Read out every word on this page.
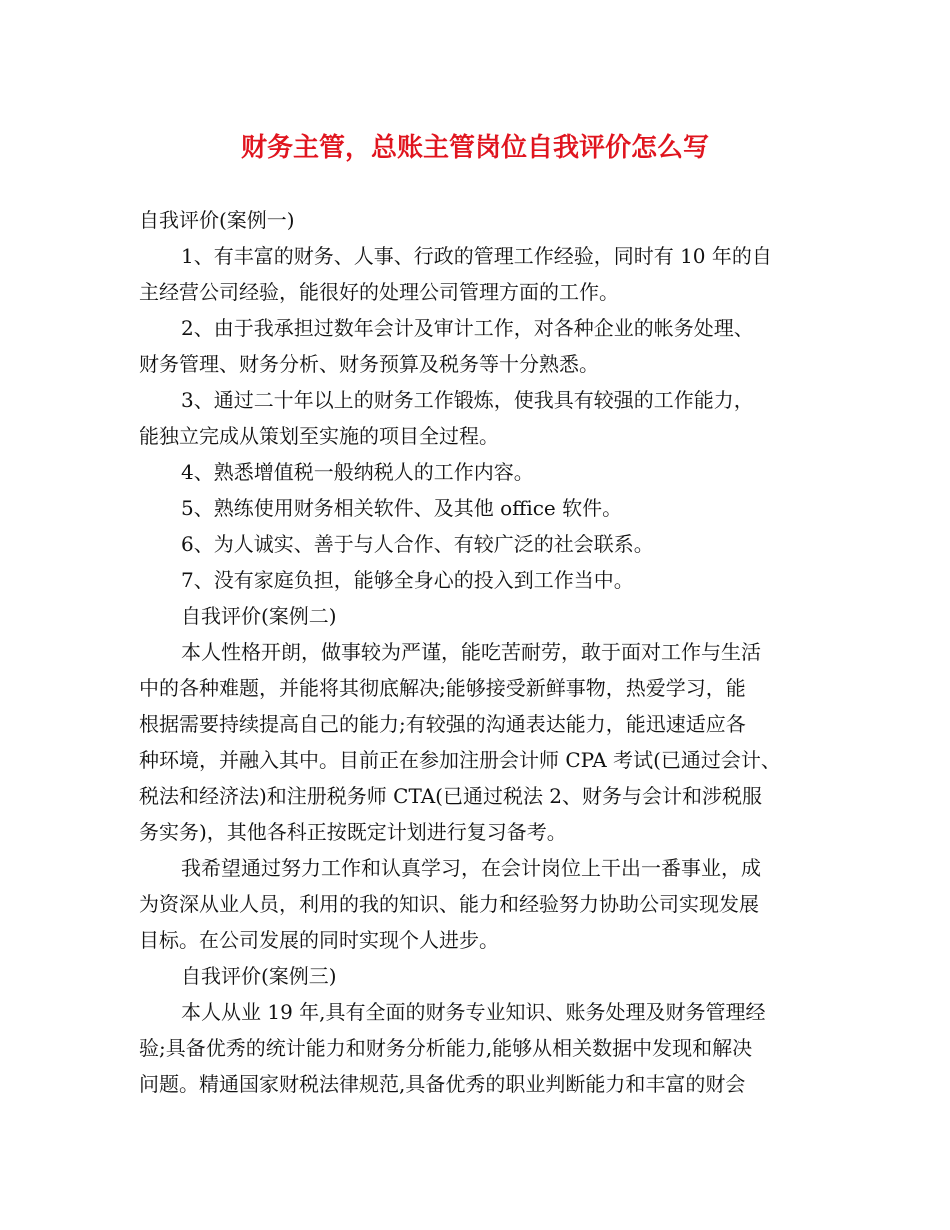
财务主管，总账主管岗位自我评价怎么写

自我评价(案例一)

1、有丰富的财务、人事、行政的管理工作经验，同时有 10 年的自

主经营公司经验，能很好的处理公司管理方面的工作。

2、由于我承担过数年会计及审计工作，对各种企业的帐务处理、

财务管理、财务分析、财务预算及税务等十分熟悉。

3、通过二十年以上的财务工作锻炼，使我具有较强的工作能力，

能独立完成从策划至实施的项目全过程。

4、熟悉增值税一般纳税人的工作内容。

5、熟练使用财务相关软件、及其他 office 软件。

6、为人诚实、善于与人合作、有较广泛的社会联系。

7、没有家庭负担，能够全身心的投入到工作当中。

自我评价(案例二)

本人性格开朗，做事较为严谨，能吃苦耐劳，敢于面对工作与生活

中的各种难题，并能将其彻底解决;能够接受新鲜事物，热爱学习，能

根据需要持续提高自己的能力;有较强的沟通表达能力，能迅速适应各

种环境，并融入其中。目前正在参加注册会计师 CPA 考试(已通过会计、

税法和经济法)和注册税务师 CTA(已通过税法 2、财务与会计和涉税服

务实务)，其他各科正按既定计划进行复习备考。

我希望通过努力工作和认真学习，在会计岗位上干出一番事业，成

为资深从业人员，利用的我的知识、能力和经验努力协助公司实现发展

目标。在公司发展的同时实现个人进步。

自我评价(案例三)

本人从业 19 年,具有全面的财务专业知识、账务处理及财务管理经

验;具备优秀的统计能力和财务分析能力,能够从相关数据中发现和解决

问题。精通国家财税法律规范,具备优秀的职业判断能力和丰富的财会
